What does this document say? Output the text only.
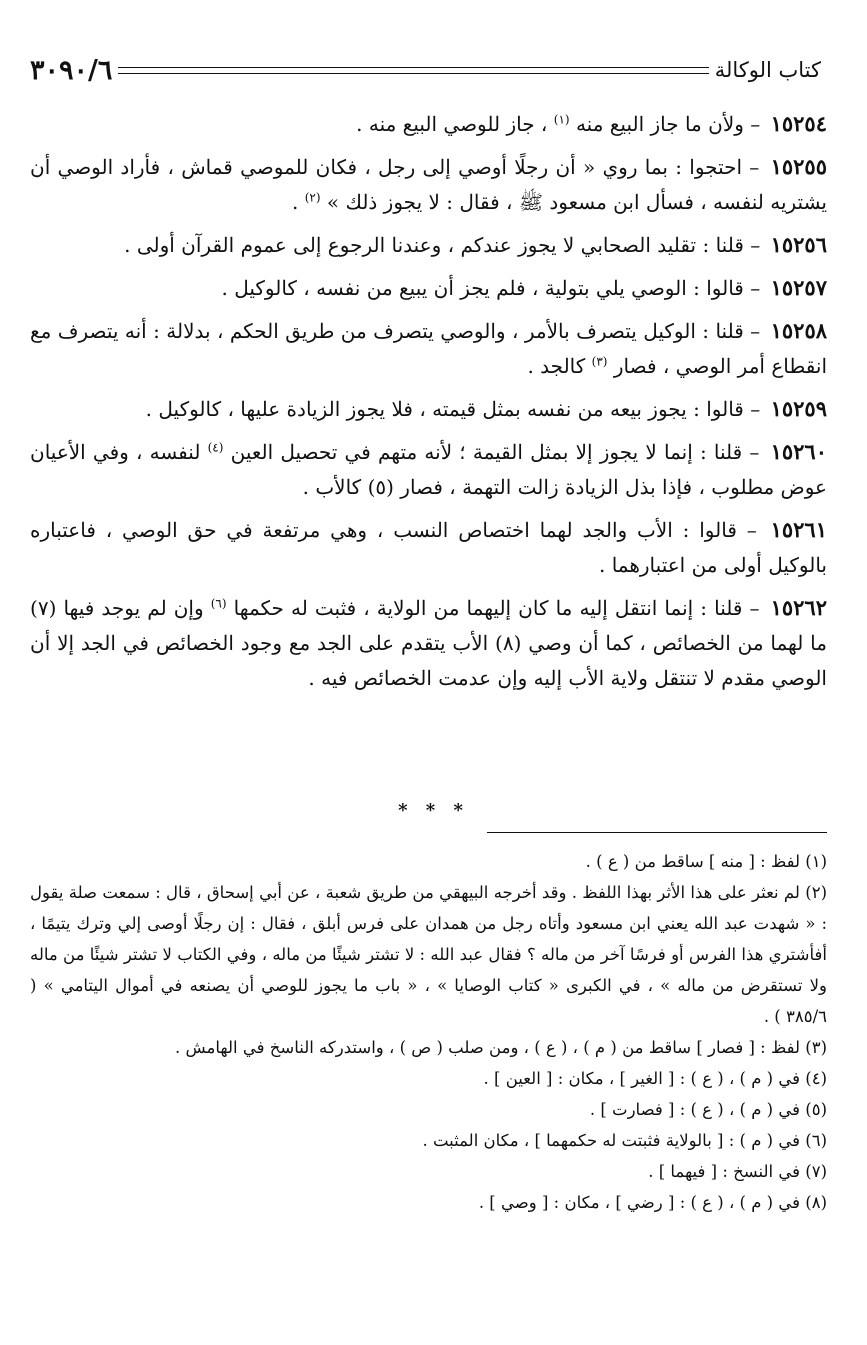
كتاب الوكالة
٣٠٩٠/٦

١٥٢٥٤ – ولأن ما جاز البيع منه $^{(١)}$ ، جاز للوصي البيع منه .

١٥٢٥٥ – احتجوا : بما روي « أن رجلًا أوصي إلى رجل ، فكان للموصي قماش ، فأراد الوصي أن يشتريه لنفسه ، فسأل ابن مسعود ﷺ ، فقال : لا يجوز ذلك » $^{(٢)}$ .

١٥٢٥٦ – قلنا : تقليد الصحابي لا يجوز عندكم ، وعندنا الرجوع إلى عموم القرآن أولى .

١٥٢٥٧ – قالوا : الوصي يلي بتولية ، فلم يجز أن يبيع من نفسه ، كالوكيل .

١٥٢٥٨ – قلنا : الوكيل يتصرف بالأمر ، والوصي يتصرف من طريق الحكم ، بدلالة : أنه يتصرف مع انقطاع أمر الوصي ، فصار $^{(٣)}$ كالجد .

١٥٢٥٩ – قالوا : يجوز بيعه من نفسه بمثل قيمته ، فلا يجوز الزيادة عليها ، كالوكيل .

١٥٢٦٠ – قلنا : إنما لا يجوز إلا بمثل القيمة ؛ لأنه متهم في تحصيل العين $^{(٤)}$ لنفسه ، وفي الأعيان عوض مطلوب ، فإذا بذل الزيادة زالت التهمة ، فصار (٥) كالأب .

١٥٢٦١ – قالوا : الأب والجد لهما اختصاص النسب ، وهي مرتفعة في حق الوصي ، فاعتباره بالوكيل أولى من اعتبارهما .

١٥٢٦٢ – قلنا : إنما انتقل إليه ما كان إليهما من الولاية ، فثبت له حكمها $^{(٦)}$ وإن لم يوجد فيها (٧) ما لهما من الخصائص ، كما أن وصي (٨) الأب يتقدم على الجد مع وجود الخصائص في الجد إلا أن الوصي مقدم لا تنتقل ولاية الأب إليه وإن عدمت الخصائص فيه .

* * *

(١) لفظ : [ منه ] ساقط من ( ع ) .

(٢) لم نعثر على هذا الأثر بهذا اللفظ . وقد أخرجه البيهقي من طريق شعبة ، عن أبي إسحاق ، قال : سمعت صلة يقول : « شهدت عبد الله يعني ابن مسعود وأتاه رجل من همدان على فرس أبلق ، فقال : إن رجلًا أوصى إلي وترك يتيمًا ، أفأشتري هذا الفرس أو فرسًا آخر من ماله ؟ فقال عبد الله : لا تشتر شيئًا من ماله ، وفي الكتاب لا تشتر شيئًا من ماله ولا تستقرض من ماله » ، في الكبرى « كتاب الوصايا » ، « باب ما يجوز للوصي أن يصنعه في أموال اليتامي » ( ٣٨٥/٦ ) .

(٣) لفظ : [ فصار ] ساقط من ( م ) ، ( ع ) ، ومن صلب ( ص ) ، واستدركه الناسخ في الهامش .

(٤) في ( م ) ، ( ع ) : [ الغير ] ، مكان : [ العين ] .

(٥) في ( م ) ، ( ع ) : [ فصارت ] .

(٦) في ( م ) : [ بالولاية فثبتت له حكمهما ] ، مكان المثبت .

(٧) في النسخ : [ فيهما ] .

(٨) في ( م ) ، ( ع ) : [ رضي ] ، مكان : [ وصي ] .
